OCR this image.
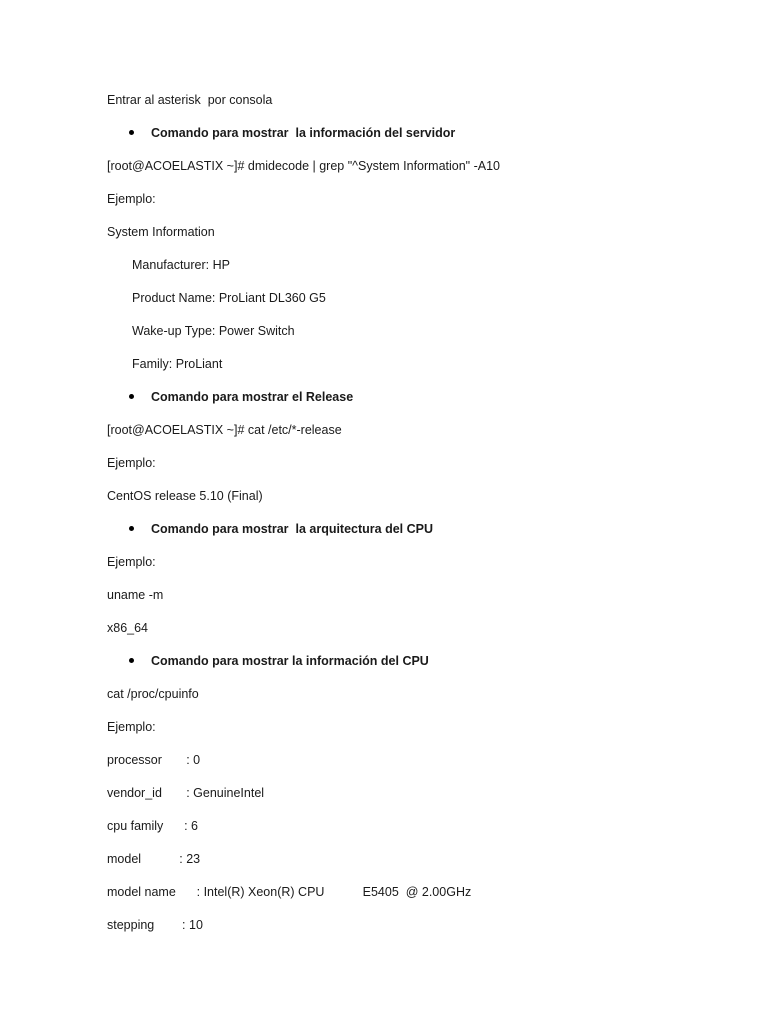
Entrar al asterisk  por consola
Comando para mostrar  la información del servidor
[root@ACOELASTIX ~]# dmidecode | grep "^System Information" -A10
Ejemplo:
System Information
Manufacturer: HP
Product Name: ProLiant DL360 G5
Wake-up Type: Power Switch
Family: ProLiant
Comando para mostrar el Release
[root@ACOELASTIX ~]# cat /etc/*-release
Ejemplo:
CentOS release 5.10 (Final)
Comando para mostrar  la arquitectura del CPU
Ejemplo:
uname -m
x86_64
Comando para mostrar la información del CPU
cat /proc/cpuinfo
Ejemplo:
processor       : 0
vendor_id       : GenuineIntel
cpu family      : 6
model           : 23
model name      : Intel(R) Xeon(R) CPU           E5405  @ 2.00GHz
stepping        : 10
